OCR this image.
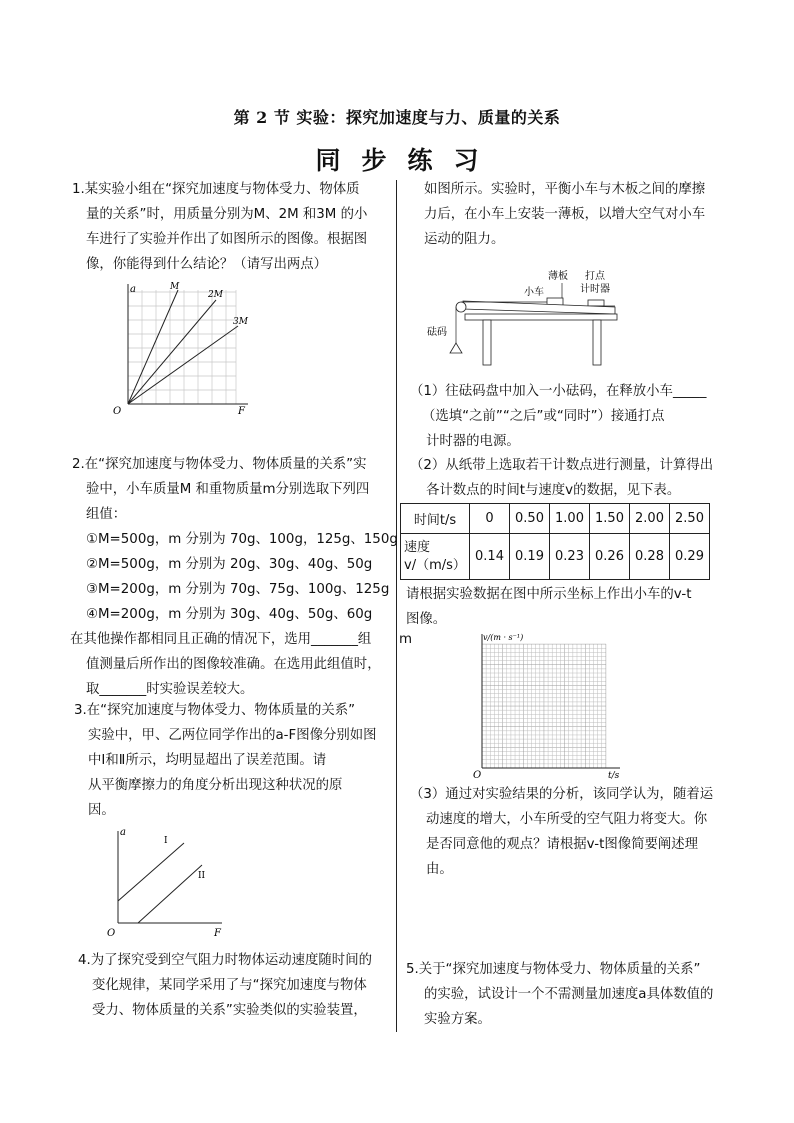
第 2 节 实验：探究加速度与力、质量的关系
同步练习
1.某实验小组在“探究加速度与物体受力、物体质
量的关系”时，用质量分别为M、2M 和3M 的小
车进行了实验并作出了如图所示的图像。根据图
像，你能得到什么结论？（请写出两点）
a
F
O
M
2M
3M
2.在“探究加速度与物体受力、物体质量的关系”实
验中，小车质量M 和重物质量m分别选取下列四
组值：
①M=500g，m 分别为 70g、100g，125g、150g
②M=500g，m 分别为 20g、30g、40g、50g
③M=200g，m 分别为 70g、75g、100g、125g
④M=200g，m 分别为 30g、40g、50g、60g
在其他操作都相同且正确的情况下，选用_______组
值测量后所作出的图像较准确。在选用此组值时，
取_______时实验误差较大。
m
3.在“探究加速度与物体受力、物体质量的关系”
实验中，甲、乙两位同学作出的a-F图像分别如图
中Ⅰ和Ⅱ所示，均明显超出了误差范围。请
从平衡摩擦力的角度分析出现这种状况的原
因。
a
F
O
I
II
4.为了探究受到空气阻力时物体运动速度随时间的
变化规律，某同学采用了与“探究加速度与物体
受力、物体质量的关系”实验类似的实验装置，
如图所示。实验时，平衡小车与木板之间的摩擦
力后，在小车上安装一薄板，以增大空气对小车
运动的阻力。
薄板 打点
计时器
小车
砝码
（1）往砝码盘中加入一小砝码，在释放小车_____
（选填“之前”“之后”或“同时”）接通打点
计时器的电源。
（2）从纸带上选取若干计数点进行测量，计算得出
各计数点的时间t与速度v的数据，见下表。
时间t/s	0	0.50	1.00	1.50	2.00	2.50

速度
v/（m/s）	0.14	0.19	0.23	0.26	0.28	0.29
请根据实验数据在图中所示坐标上作出小车的v-t
图像。
v/(m · s⁻¹)
t/s
O
（3）通过对实验结果的分析，该同学认为，随着运
动速度的增大，小车所受的空气阻力将变大。你
是否同意他的观点？请根据v-t图像简要阐述理
由。
5.关于“探究加速度与物体受力、物体质量的关系”
的实验，试设计一个不需测量加速度a具体数值的
实验方案。
